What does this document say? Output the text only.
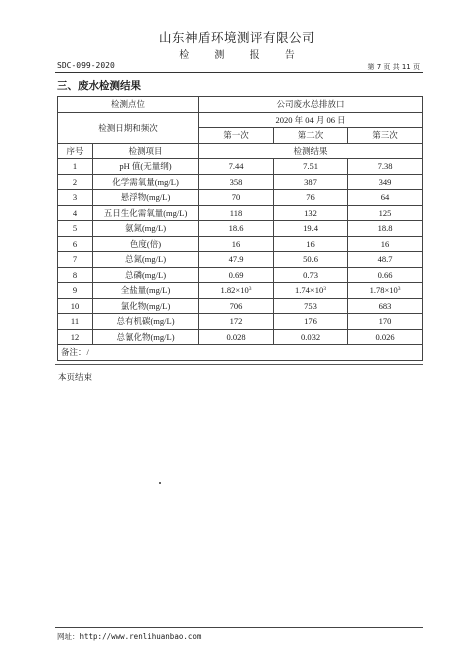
山东神盾环境测评有限公司
检 测 报 告
SDC-099-2020	第 7 页 共 11 页
三、废水检测结果
检测点位		公司废水总排放口		
检测日期和频次		2020 年 04 月 06 日		
		第一次	第二次	第三次
序号	检测项目	检测结果		
1	pH 值(无量纲)	7.44	7.51	7.38
2	化学需氧量(mg/L)	358	387	349
3	悬浮物(mg/L)	70	76	64
4	五日生化需氧量(mg/L)	118	132	125
5	氨氮(mg/L)	18.6	19.4	18.8
6	色度(倍)	16	16	16
7	总氮(mg/L)	47.9	50.6	48.7
8	总磷(mg/L)	0.69	0.73	0.66
9	全盐量(mg/L)	$1.82\times 10^3$	$1.74\times 10^3$	$1.78\times 10^3$
10	氯化物(mg/L)	706	753	683
11	总有机碳(mg/L)	172	176	170
12	总氰化物(mg/L)	0.028	0.032	0.026
备注：/				
本页结束
网址：http://www.renlihuanbao.com
